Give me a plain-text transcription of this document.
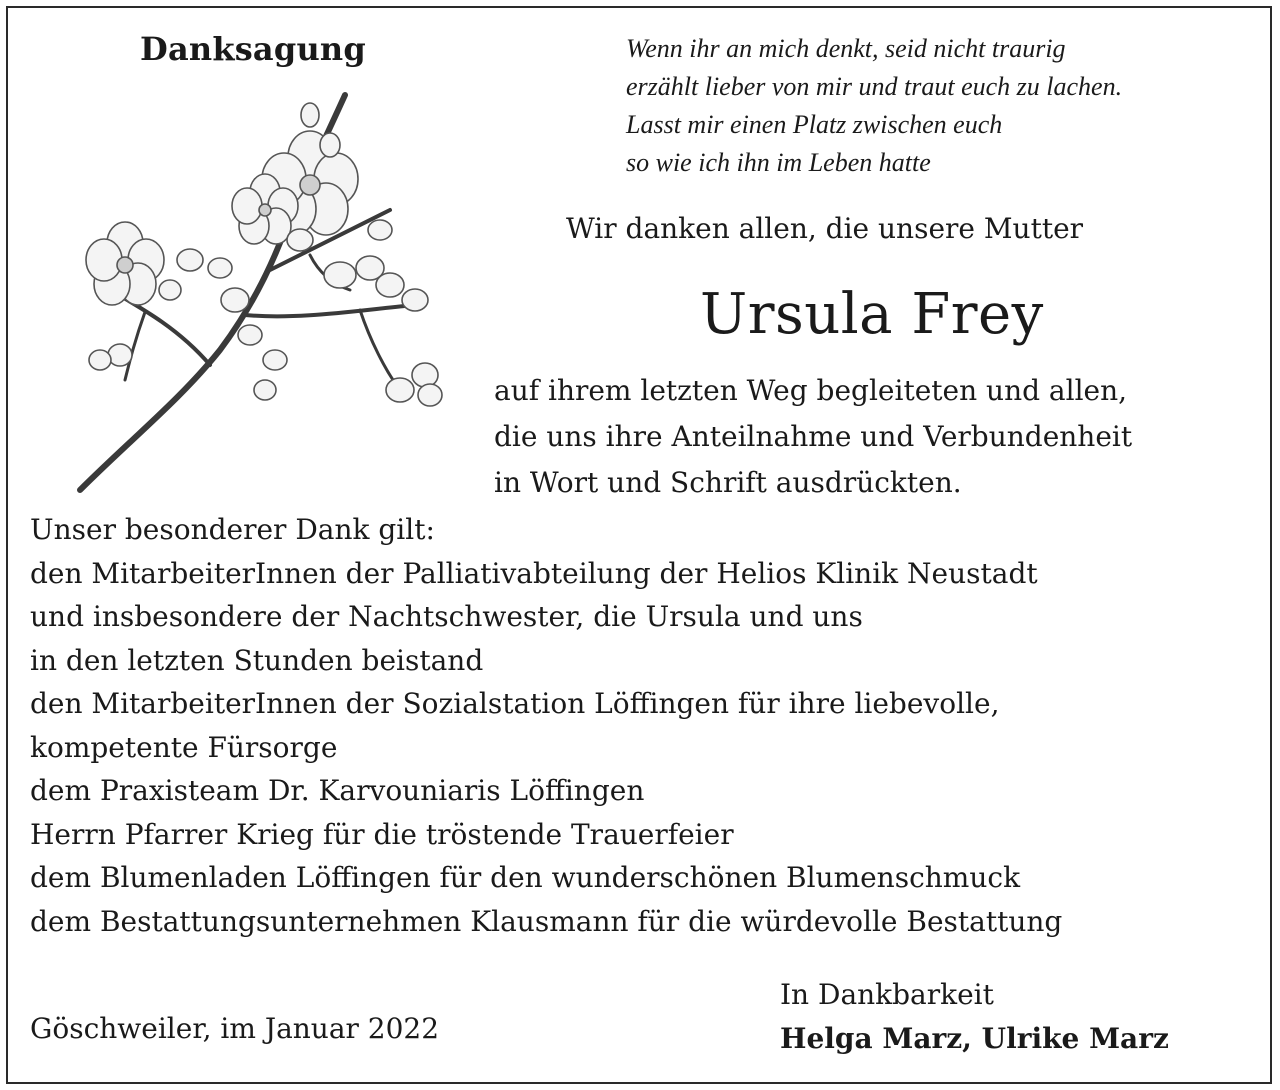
Danksagung	Wenn ihr an mich denkt, seid nicht traurig
erzählt lieber von mir und traut euch zu lachen.
Lasst mir einen Platz zwischen euch
so wie ich ihn im Leben hatte
Wir danken allen, die unsere Mutter
Ursula Frey
auf ihrem letzten Weg begleiteten und allen,
die uns ihre Anteilnahme und Verbundenheit
in Wort und Schrift ausdrückten.
Unser besonderer Dank gilt:
den MitarbeiterInnen der Palliativabteilung der Helios Klinik Neustadt
und insbesondere der Nachtschwester, die Ursula und uns
in den letzten Stunden beistand
den MitarbeiterInnen der Sozialstation Löffingen für ihre liebevolle,
kompetente Fürsorge
dem Praxisteam Dr. Karvouniaris Löffingen
Herrn Pfarrer Krieg für die tröstende Trauerfeier
dem Blumenladen Löffingen für den wunderschönen Blumenschmuck
dem Bestattungsunternehmen Klausmann für die würdevolle Bestattung
Göschweiler, im Januar 2022
In Dankbarkeit
Helga Marz, Ulrike Marz
